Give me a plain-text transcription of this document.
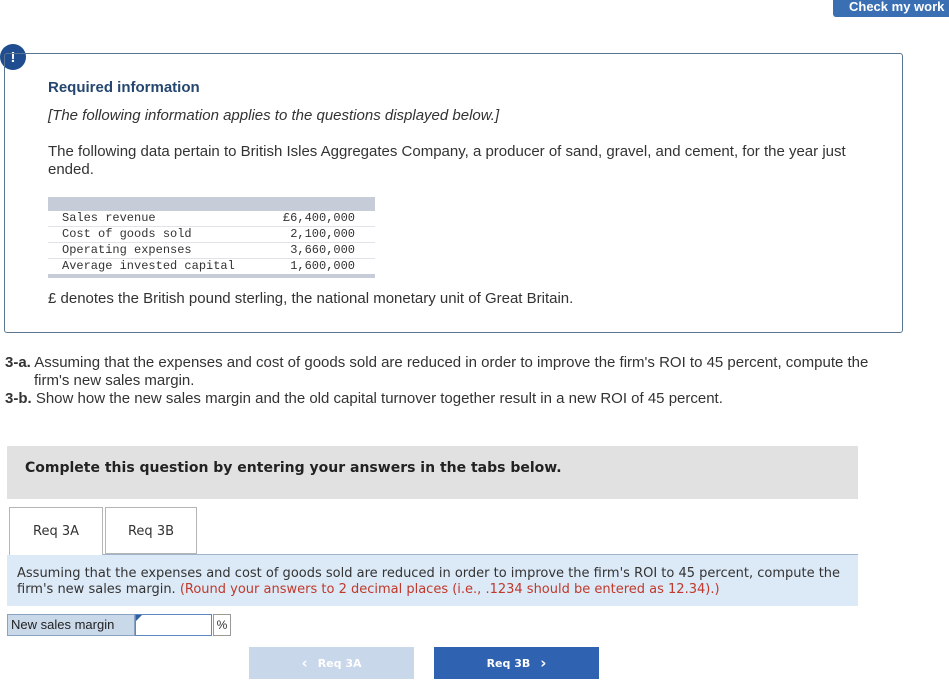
Check my work
!
Required information
[The following information applies to the questions displayed below.]
The following data pertain to British Isles Aggregates Company, a producer of sand, gravel, and cement, for the year just ended.
Sales revenue	£6,400,000
Cost of goods sold	2,100,000
Operating expenses	3,660,000
Average invested capital	1,600,000
£ denotes the British pound sterling, the national monetary unit of Great Britain.
3-a. Assuming that the expenses and cost of goods sold are reduced in order to improve the firm's ROI to 45 percent, compute the
firm's new sales margin.
3-b. Show how the new sales margin and the old capital turnover together result in a new ROI of 45 percent.
Complete this question by entering your answers in the tabs below.
Req 3A	Req 3B
Assuming that the expenses and cost of goods sold are reduced in order to improve the firm's ROI to 45 percent, compute the firm's new sales margin. (Round your answers to 2 decimal places (i.e., .1234 should be entered as 12.34).)
New sales margin	%
‹ Req 3A	Req 3B ›
